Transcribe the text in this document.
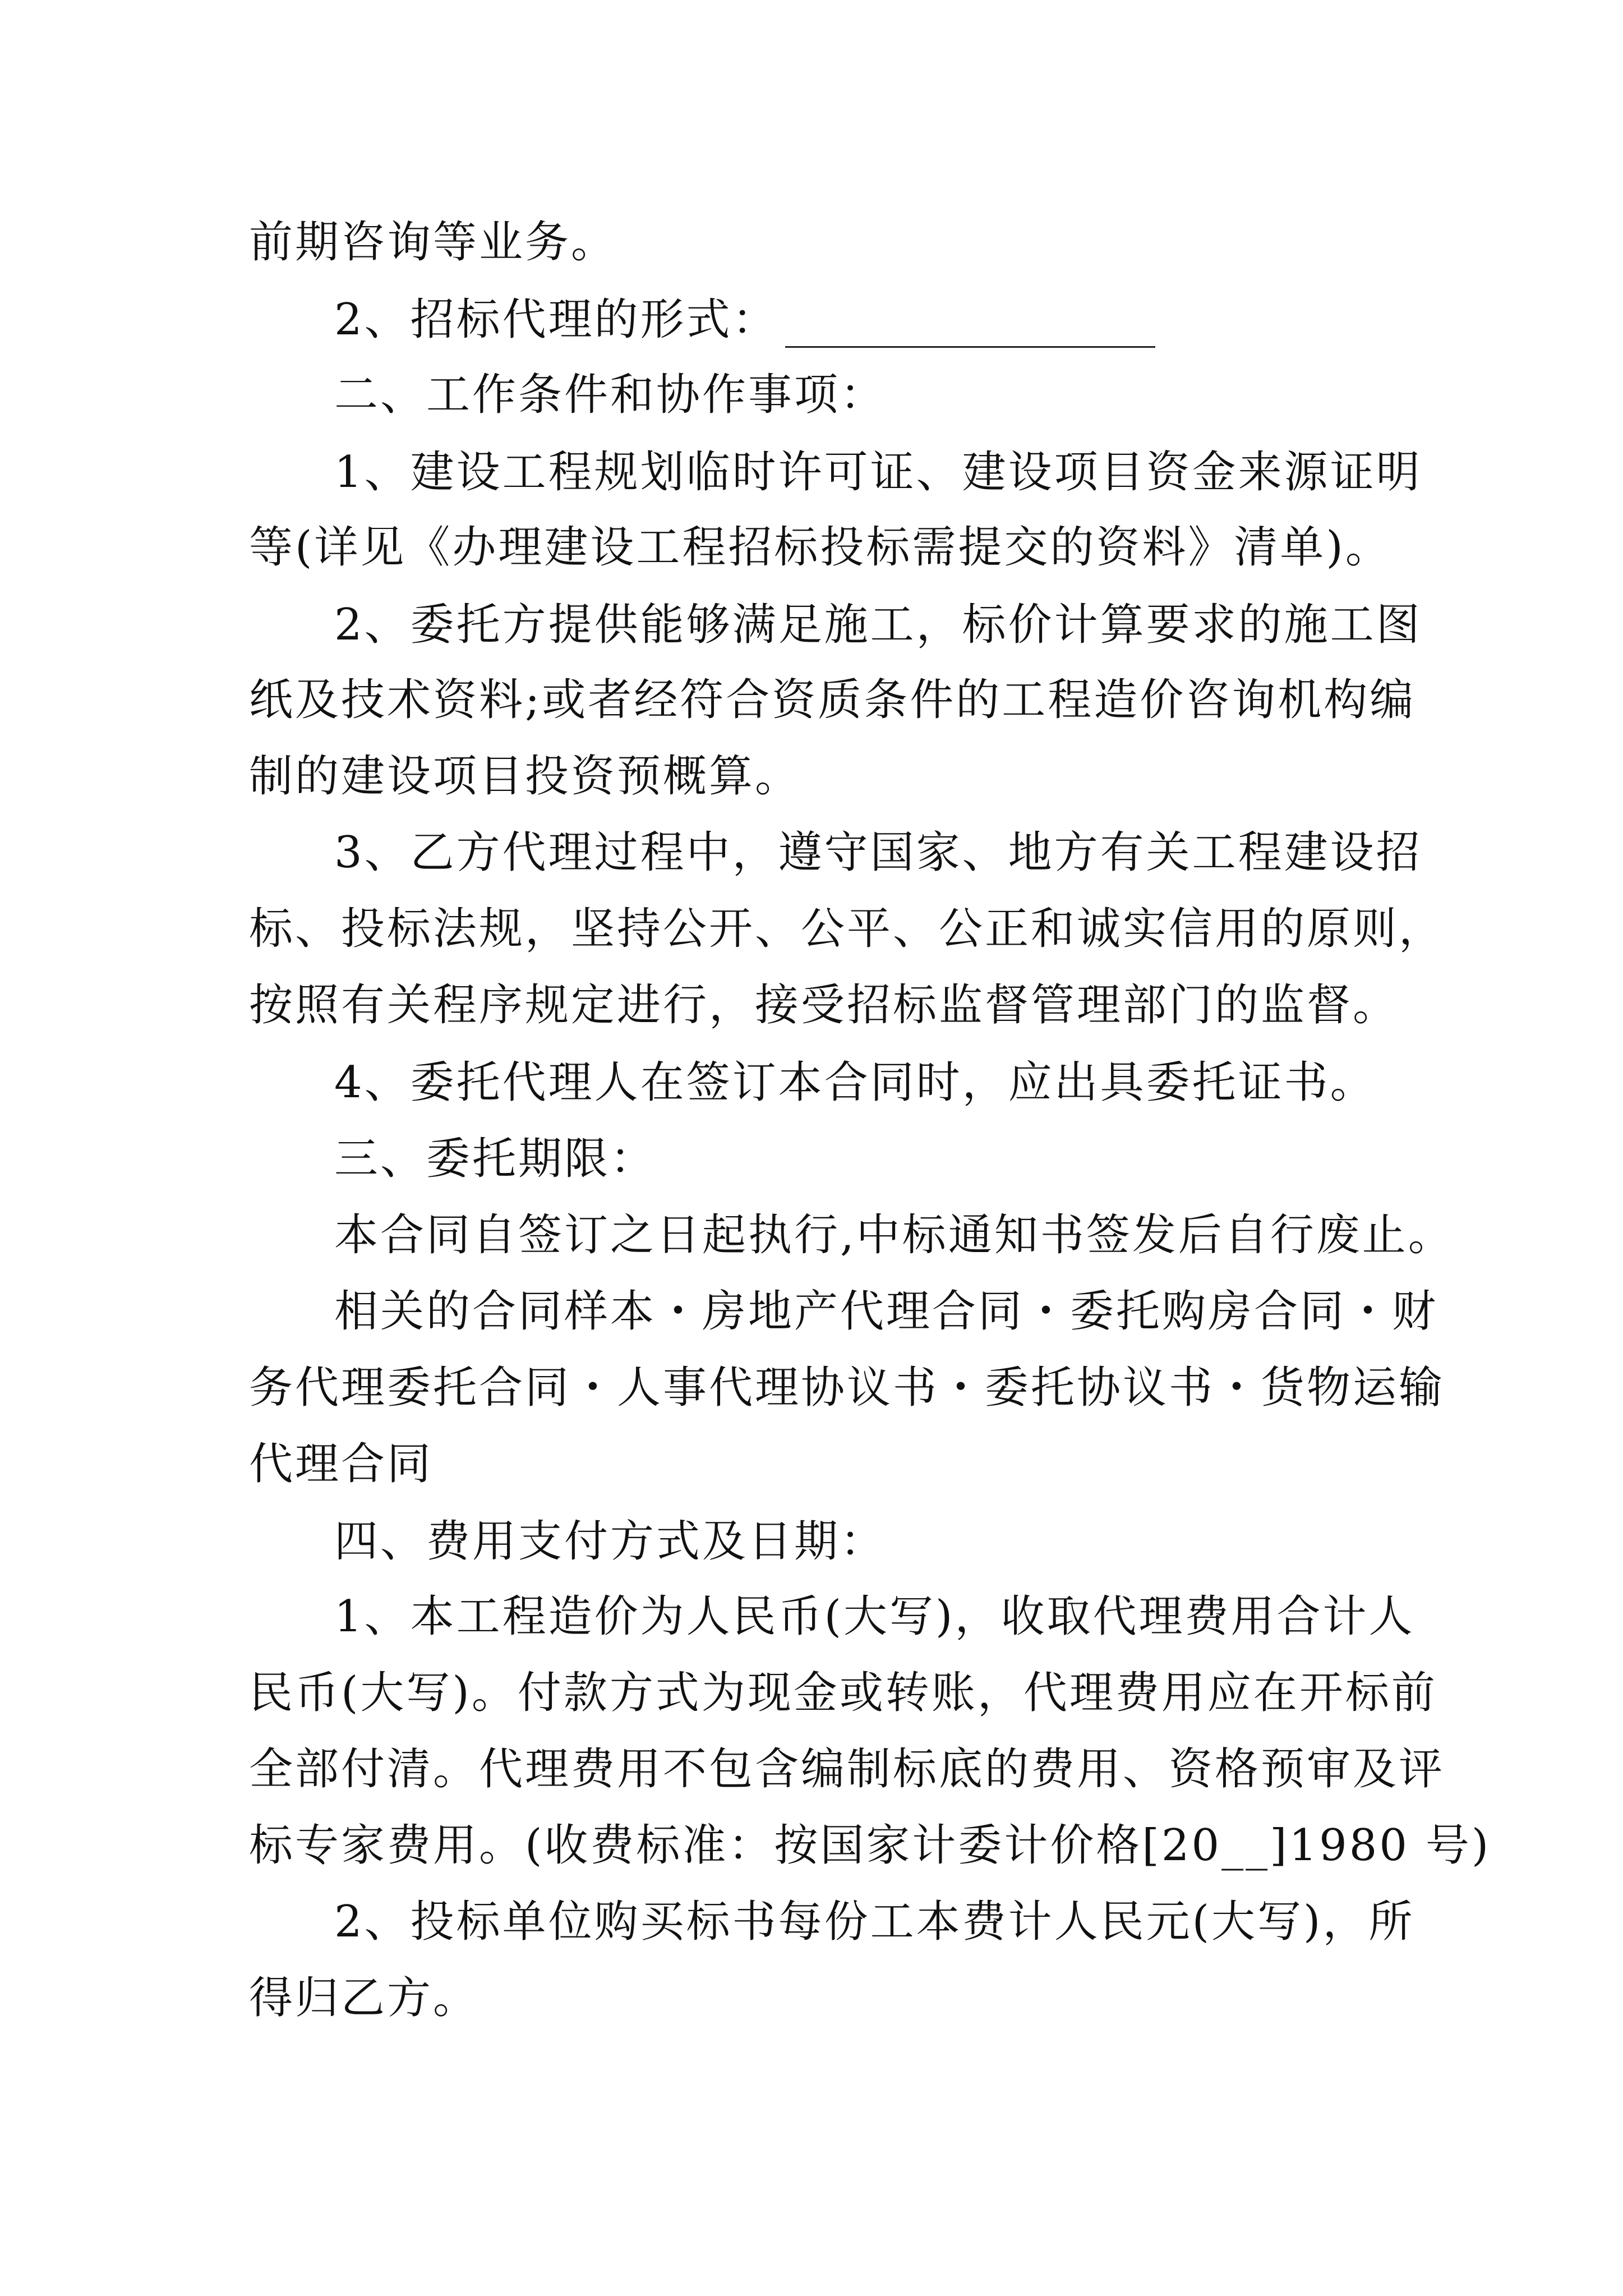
前期咨询等业务。
2、招标代理的形式：
二、工作条件和协作事项：
1、建设工程规划临时许可证、建设项目资金来源证明
等(详见《办理建设工程招标投标需提交的资料》清单)。
2、委托方提供能够满足施工，标价计算要求的施工图
纸及技术资料;或者经符合资质条件的工程造价咨询机构编
制的建设项目投资预概算。
3、乙方代理过程中，遵守国家、地方有关工程建设招
标、投标法规，坚持公开、公平、公正和诚实信用的原则，
按照有关程序规定进行，接受招标监督管理部门的监督。
4、委托代理人在签订本合同时，应出具委托证书。
三、委托期限：
本合同自签订之日起执行,中标通知书签发后自行废止。
相关的合同样本・房地产代理合同・委托购房合同・财
务代理委托合同・人事代理协议书・委托协议书・货物运输
代理合同
四、费用支付方式及日期：
1、本工程造价为人民币(大写)，收取代理费用合计人
民币(大写)。付款方式为现金或转账，代理费用应在开标前
全部付清。代理费用不包含编制标底的费用、资格预审及评
标专家费用。(收费标准：按国家计委计价格[20__]1980 号)
2、投标单位购买标书每份工本费计人民元(大写)，所
得归乙方。
